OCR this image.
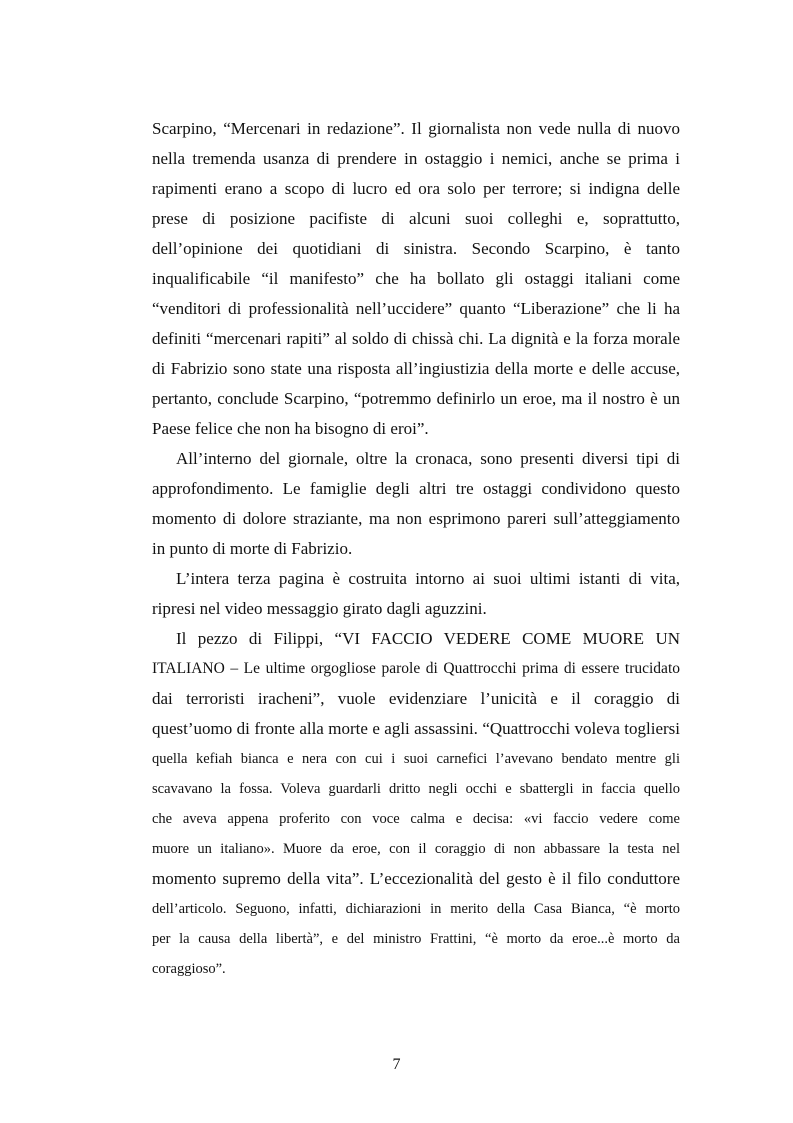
Scarpino, “Mercenari in redazione”. Il giornalista non vede nulla di nuovo
nella tremenda usanza di prendere in ostaggio i nemici, anche se prima i
rapimenti erano a scopo di lucro ed ora solo per terrore; si indigna delle
prese di posizione pacifiste di alcuni suoi colleghi e, soprattutto,
dell’opinione dei quotidiani di sinistra. Secondo Scarpino, è tanto
inqualificabile “il manifesto” che ha bollato gli ostaggi italiani come
“venditori di professionalità nell’uccidere” quanto “Liberazione” che li ha
definiti “mercenari rapiti” al soldo di chissà chi. La dignità e la forza morale
di Fabrizio sono state una risposta all’ingiustizia della morte e delle accuse,
pertanto, conclude Scarpino, “potremmo definirlo un eroe, ma il nostro è un
Paese felice che non ha bisogno di eroi”.
All’interno del giornale, oltre la cronaca, sono presenti diversi tipi di
approfondimento. Le famiglie degli altri tre ostaggi condividono questo
momento di dolore straziante, ma non esprimono pareri sull’atteggiamento
in punto di morte di Fabrizio.
L’intera terza pagina è costruita intorno ai suoi ultimi istanti di vita,
ripresi nel video messaggio girato dagli aguzzini.
Il pezzo di Filippi, “VI FACCIO VEDERE COME MUORE UN
ITALIANO – Le ultime orgogliose parole di Quattrocchi prima di essere trucidato
dai terroristi iracheni”, vuole evidenziare l’unicità e il coraggio di
quest’uomo di fronte alla morte e agli assassini. “Quattrocchi voleva togliersi
quella kefiah bianca e nera con cui i suoi carnefici l’avevano bendato mentre gli
scavavano la fossa. Voleva guardarli dritto negli occhi e sbattergli in faccia quello
che aveva appena proferito con voce calma e decisa: «vi faccio vedere come
muore un italiano». Muore da eroe, con il coraggio di non abbassare la testa nel
momento supremo della vita”. L’eccezionalità del gesto è il filo conduttore
dell’articolo. Seguono, infatti, dichiarazioni in merito della Casa Bianca, “è morto
per la causa della libertà”, e del ministro Frattini, “è morto da eroe...è morto da
coraggioso”.
7
